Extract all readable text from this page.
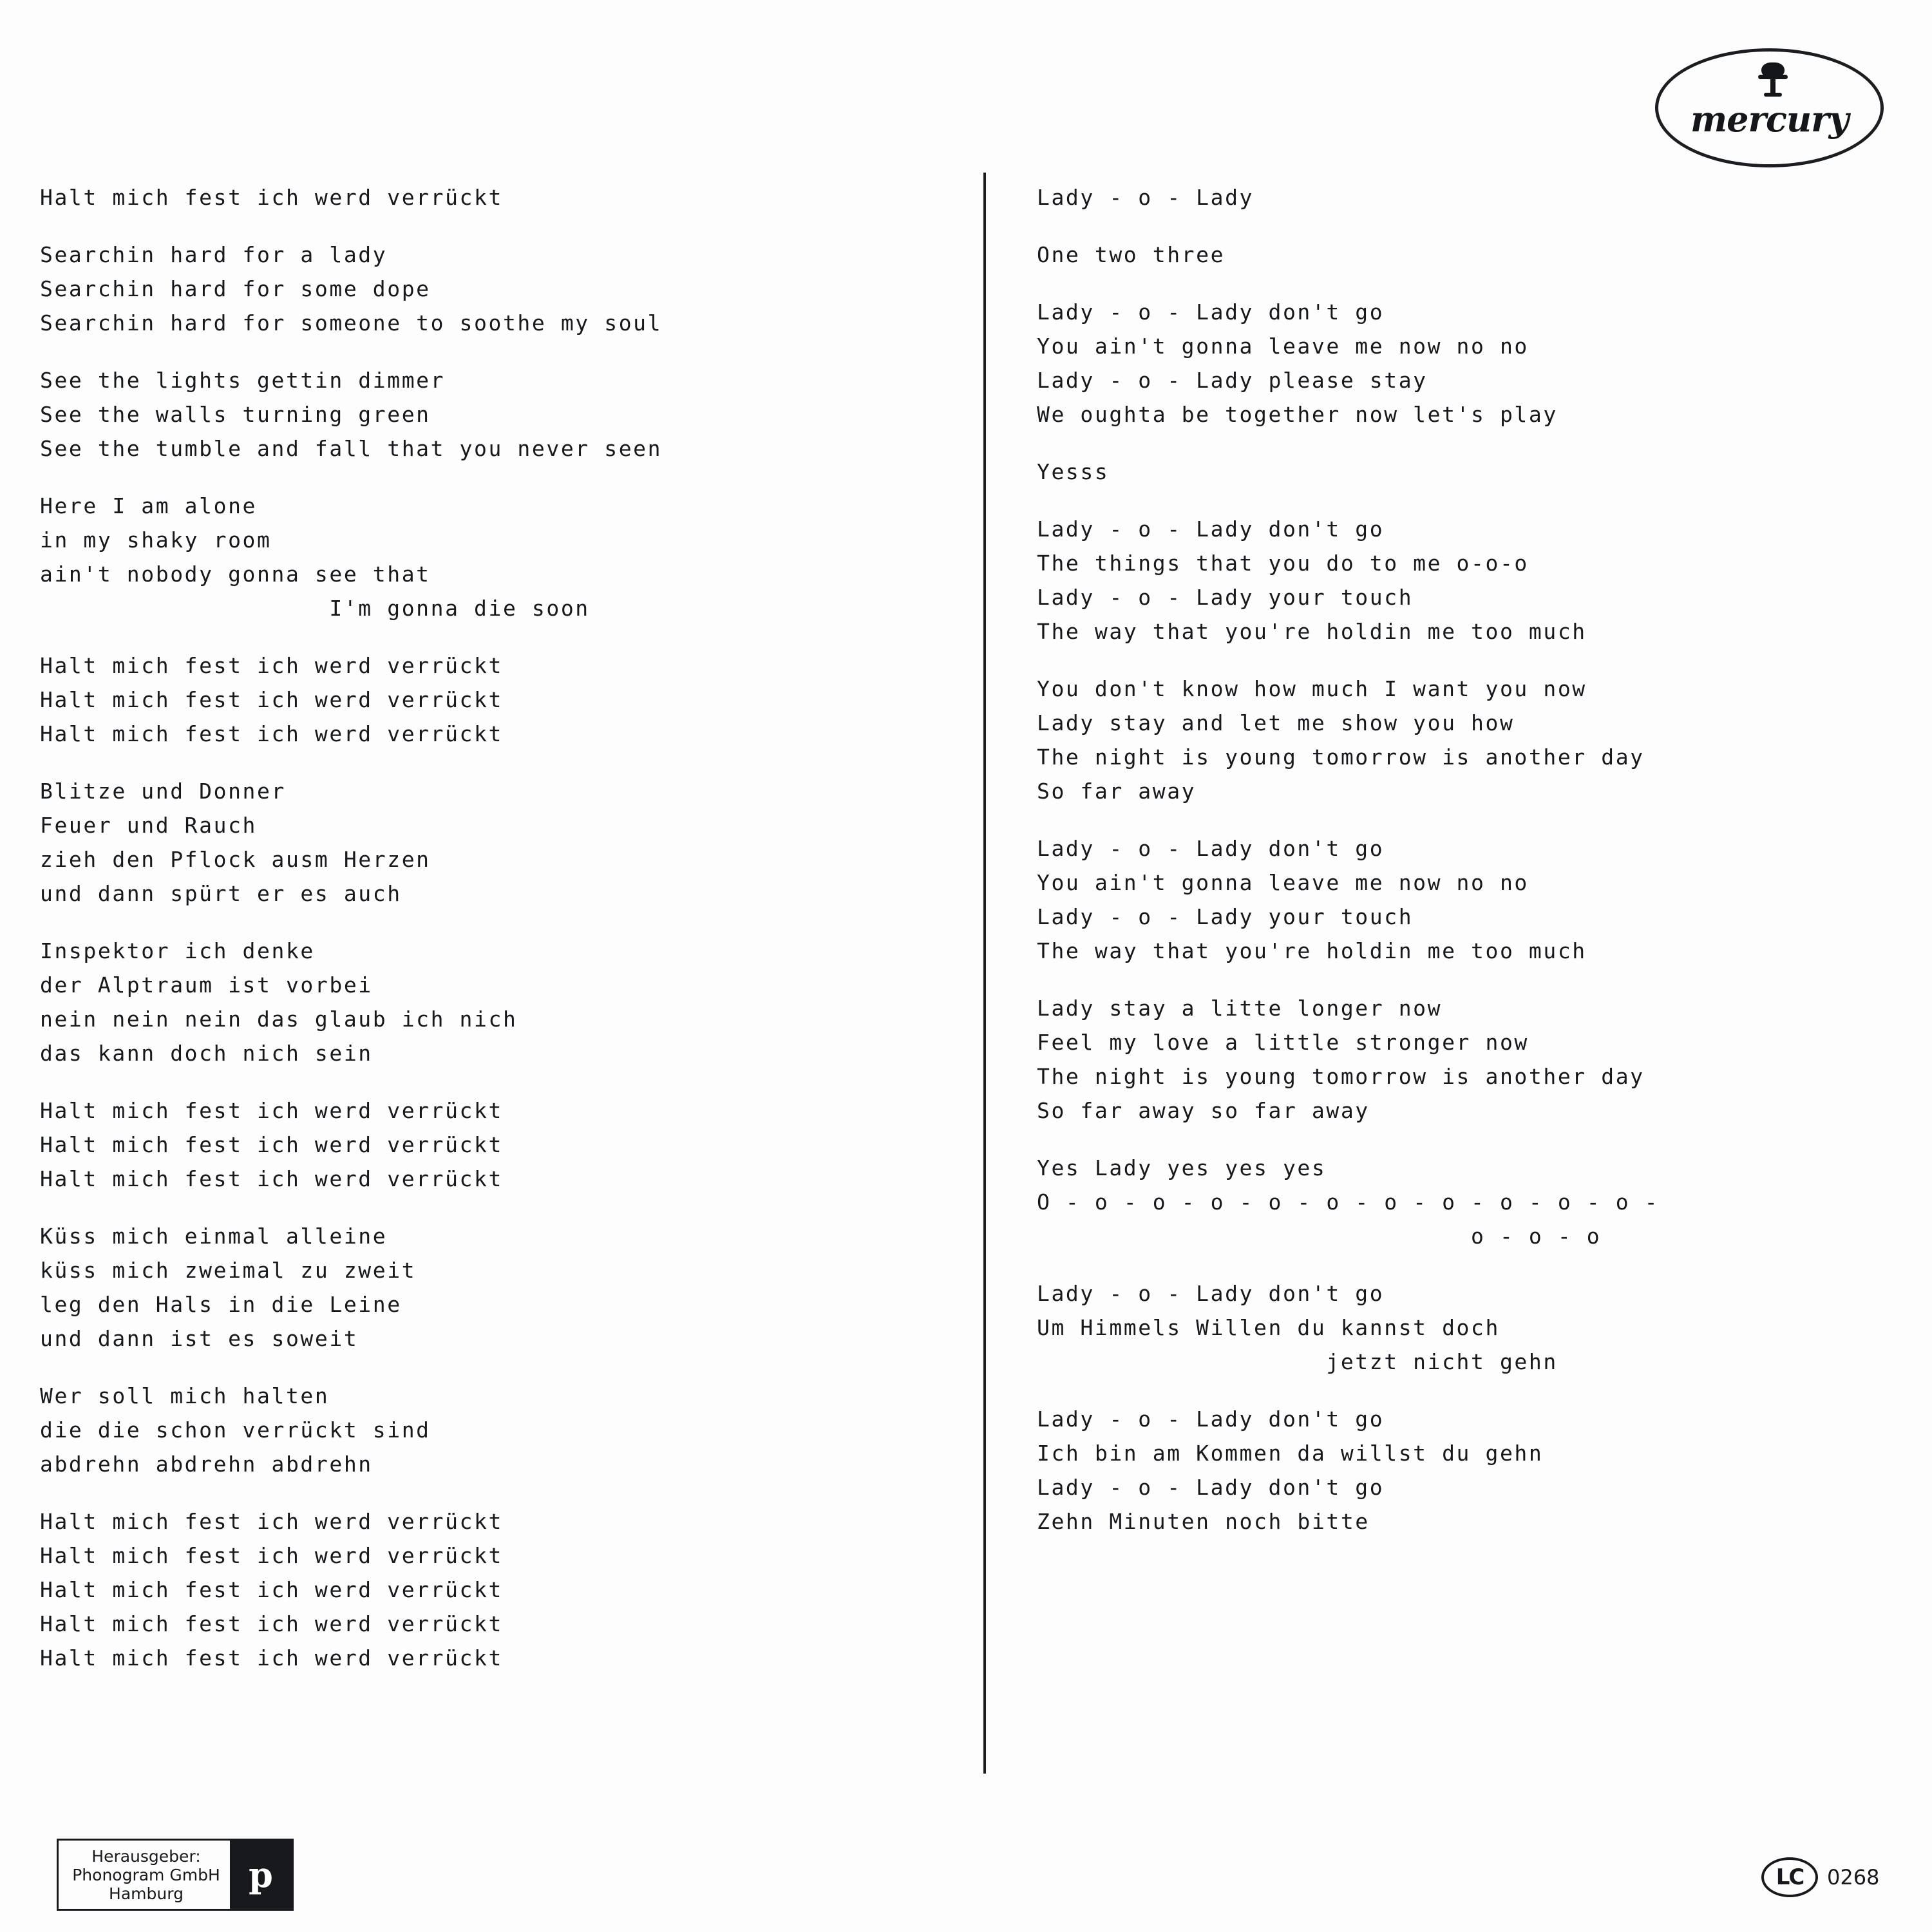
mercury
Halt mich fest ich werd verrückt
Searchin hard for a lady
Searchin hard for some dope
Searchin hard for someone to soothe my soul
See the lights gettin dimmer
See the walls turning green
See the tumble and fall that you never seen
Here I am alone
in my shaky room
ain't nobody gonna see that
I'm gonna die soon
Halt mich fest ich werd verrückt
Halt mich fest ich werd verrückt
Halt mich fest ich werd verrückt
Blitze und Donner
Feuer und Rauch
zieh den Pflock ausm Herzen
und dann spürt er es auch
Inspektor ich denke
der Alptraum ist vorbei
nein nein nein das glaub ich nich
das kann doch nich sein
Halt mich fest ich werd verrückt
Halt mich fest ich werd verrückt
Halt mich fest ich werd verrückt
Küss mich einmal alleine
küss mich zweimal zu zweit
leg den Hals in die Leine
und dann ist es soweit
Wer soll mich halten
die die schon verrückt sind
abdrehn abdrehn abdrehn
Halt mich fest ich werd verrückt
Halt mich fest ich werd verrückt
Halt mich fest ich werd verrückt
Halt mich fest ich werd verrückt
Halt mich fest ich werd verrückt
Lady - o - Lady
One two three
Lady - o - Lady don't go
You ain't gonna leave me now no no
Lady - o - Lady please stay
We oughta be together now let's play
Yesss
Lady - o - Lady don't go
The things that you do to me o-o-o
Lady - o - Lady your touch
The way that you're holdin me too much
You don't know how much I want you now
Lady stay and let me show you how
The night is young tomorrow is another day
So far away
Lady - o - Lady don't go
You ain't gonna leave me now no no
Lady - o - Lady your touch
The way that you're holdin me too much
Lady stay a litte longer now
Feel my love a little stronger now
The night is young tomorrow is another day
So far away so far away
Yes Lady yes yes yes
O - o - o - o - o - o - o - o - o - o - o -
o - o - o
Lady - o - Lady don't go
Um Himmels Willen du kannst doch
jetzt nicht gehn
Lady - o - Lady don't go
Ich bin am Kommen da willst du gehn
Lady - o - Lady don't go
Zehn Minuten noch bitte
Herausgeber:
Phonogram GmbH
Hamburg	p	LC	0268
